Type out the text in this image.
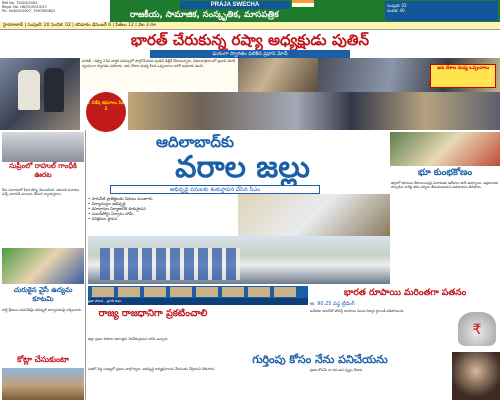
RNI No. 75020/2002
Regd. No. HD/01/0019/23
Ph: 9440010007, 7997080822
PRAJA SWECHA
రాజకీయ, సామాజిక, సంస్కృతిక, మాసపత్రిక
సంపుటి: 02
సంచిక: 40
హైదరాబాద్ | సంపుటి: 20 సంచిక: 02 | శనివారం డిసెంబర్ 6 | పేజీలు 12 | వెల 3 రూ.
భారత్ చేరుకున్న రష్యా అధ్యక్షుడు పుతిన్
ఘనంగా స్వాగతం పలికిన ప్రధాని మోదీ
భారత్ - రష్యా 23వ వార్షిక సదస్సులో పాల్గొనేందుకు పుతిన్ ఢిల్లీకి చేరుకున్నారు. విమానాశ్రయంలో ప్రధాని మోదీ స్వయంగా స్వాగతం పలికారు. ఇరు దేశాల మధ్య కీలక ఒప్పందాలు జరిగే అవకాశం ఉంది.
ఇరు దేశాల మధ్య ఒప్పందాలు
3 విశేష కథనాలు పేజీ 2
సుప్రీంలో రాహుల్ గాంధీకి ఊరట
కేసు విచారణలో కీలక తీర్పు వెలువడింది. తదుపరి విచారణ వచ్చే వారానికి వాయిదా వేసింది న్యాయస్థానం.
చురుకైన వైసీ ఉద్యమ కూటమి
పార్టీ శ్రేణులు సమావేశమై భవిష్యత్ కార్యాచరణపై చర్చించారు.
కోట్లా చేసుకుంటా
ఆదిలాబాద్‌కు
వరాల జల్లు
అభివృద్ధి పనులకు శంకుస్థాపన చేసిన సీఎం
• సాగునీటి ప్రాజెక్టులకు నిధులు మంజూరు
• విద్యాసంస్థల అభివృద్ధి
• రహదారుల నిర్మాణానికి శంకుస్థాపన
• ఎయిర్‌పోర్టు ఏర్పాటు హామీ
• పరిశ్రమల స్థాపన
ప్రజా పాలన - ప్రగతి పథం
రాజ్య రాజధానిగా ప్రకటించాలి
జిల్లా ప్రజల చిరకాల ఆకాంక్షను నెరవేరుస్తామని హామీ ఇచ్చారు.
సభలో పెద్ద సంఖ్యలో ప్రజలు పాల్గొన్నారు. అభివృద్ధి కార్యక్రమాలను వేగవంతం చేస్తామని తెలిపారు.
భూ కుంభకోణం
జిల్లాలో భూముల కేటాయింపుపై విచారణకు ఆదేశాలు జారీ అయ్యాయి. అక్రమాలకు పాల్పడిన వారిపై కఠిన చర్యలు తీసుకుంటామని అధికారులు తెలిపారు.
భారత రూపాయి మరింతగా పతనం
అ. 90.25 వద్ద ట్రేడింగ్
అమెరికా డాలర్‌తో పోలిస్తే రూపాయి విలువ రికార్డు స్థాయికి పడిపోయింది.
₹
గుర్తింపు కోసం నేను పనిచేయను
ప్రజల కోసమే నా పని అని స్పష్టం చేశారు.
